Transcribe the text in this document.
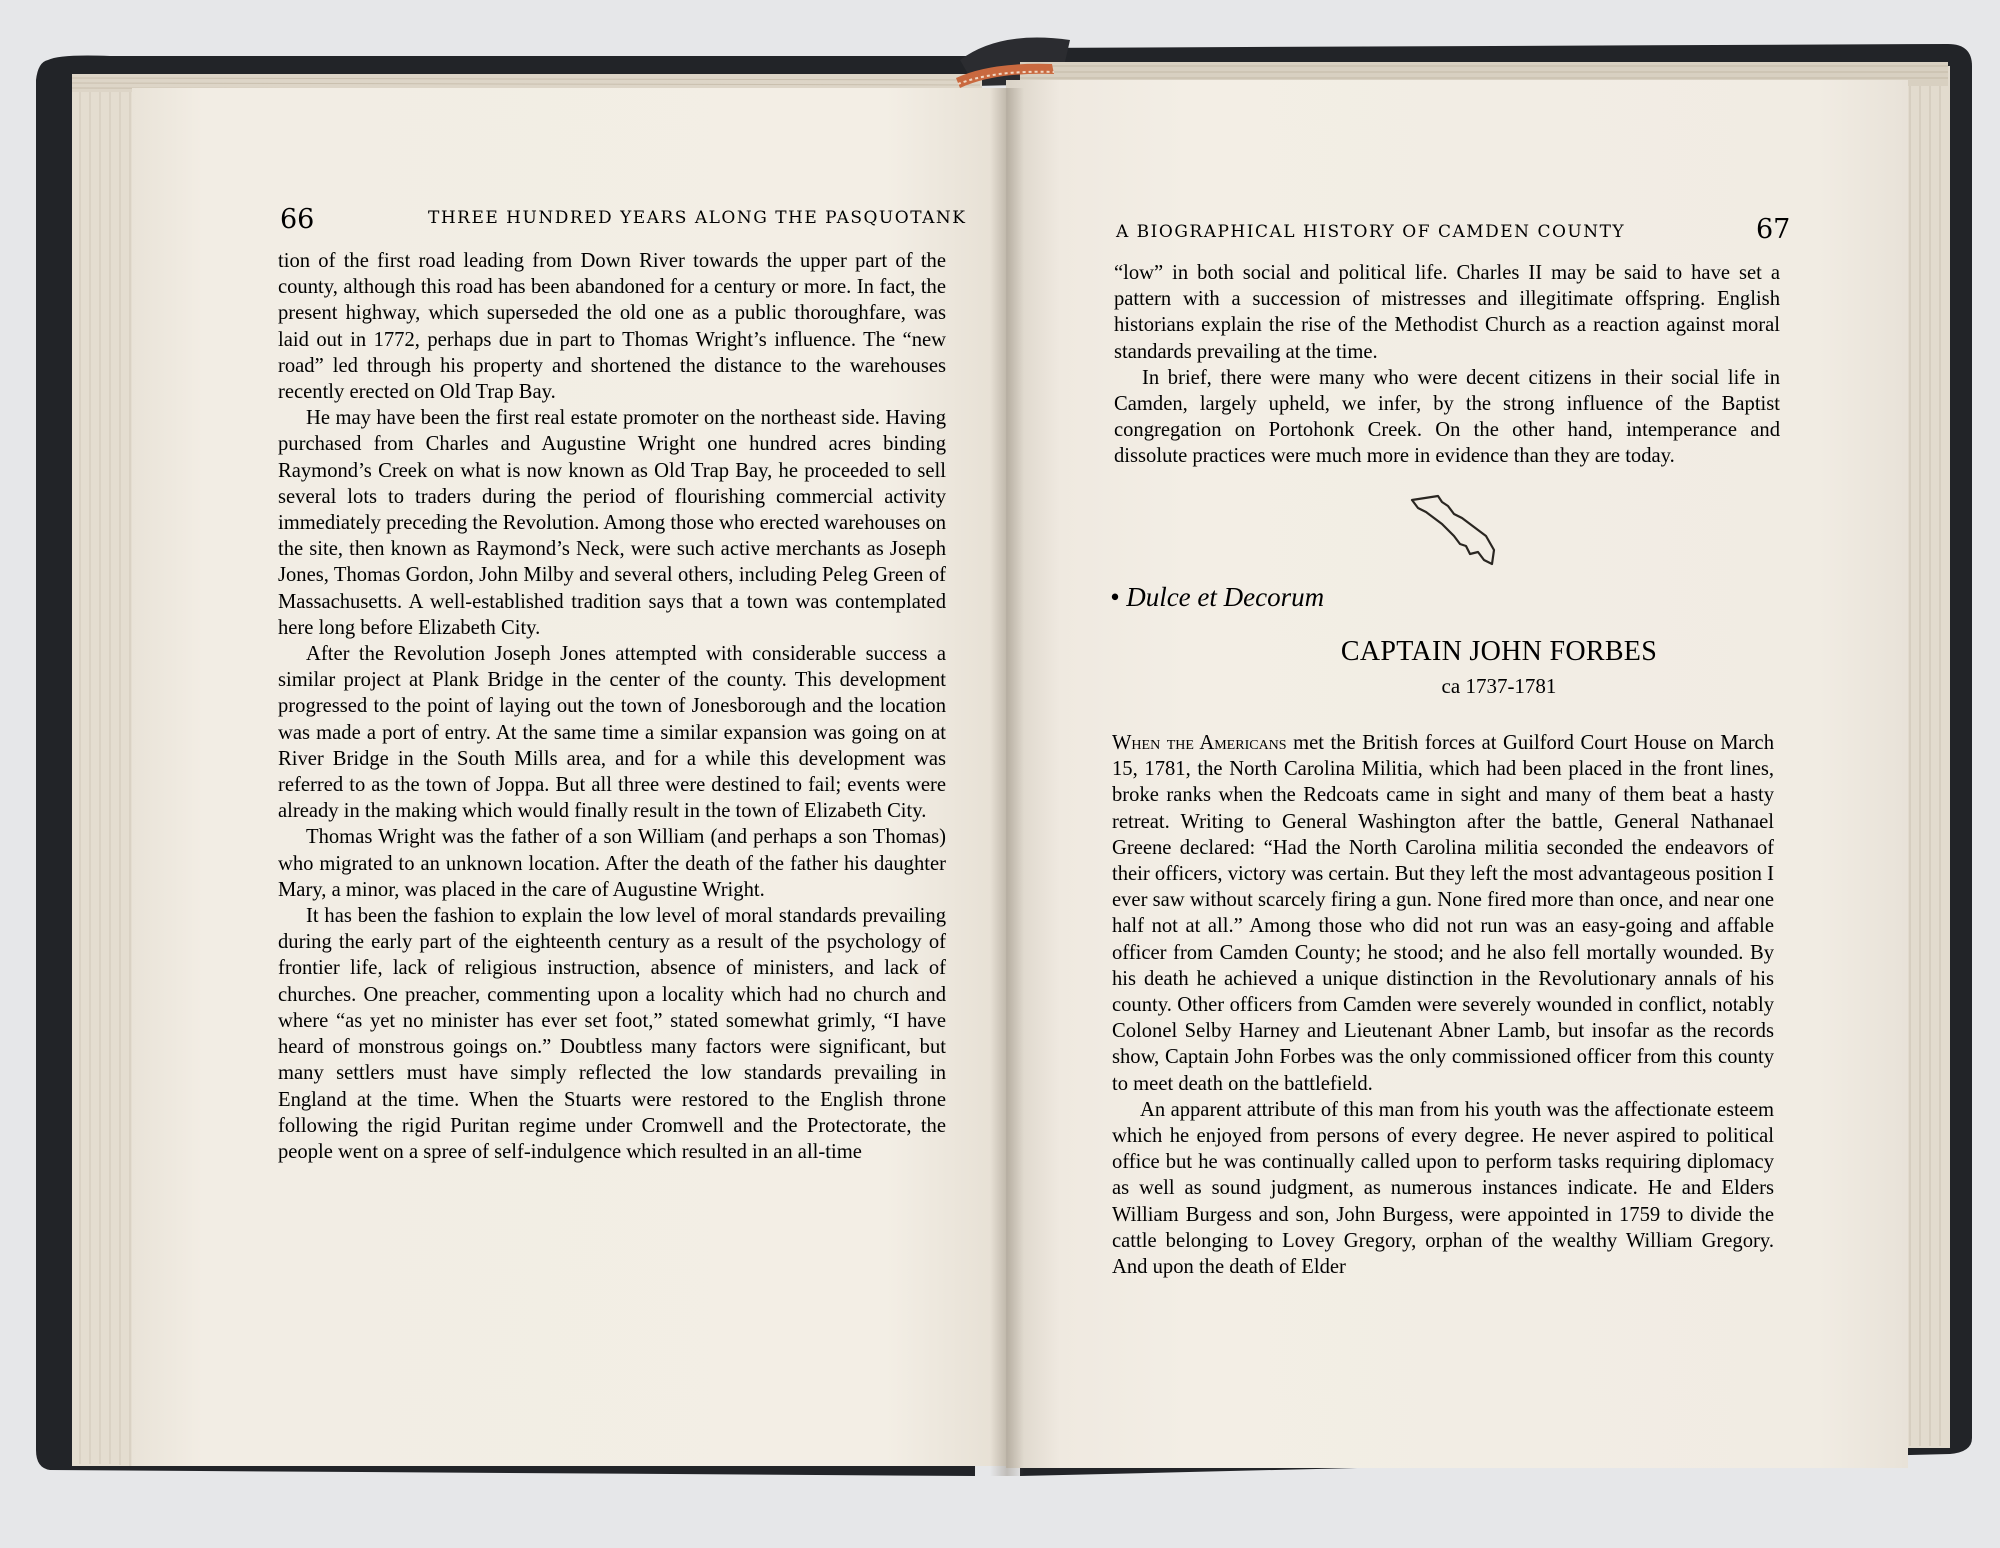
66	THREE HUNDRED YEARS ALONG THE PASQUOTANK

tion of the first road leading from Down River towards the upper part of the county, although this road has been abandoned for a century or more. In fact, the present highway, which superseded the old one as a public thoroughfare, was laid out in 1772, perhaps due in part to Thomas Wright’s influence. The “new road” led through his property and shortened the distance to the warehouses recently erected on Old Trap Bay.

He may have been the first real estate promoter on the northeast side. Having purchased from Charles and Augustine Wright one hundred acres binding Raymond’s Creek on what is now known as Old Trap Bay, he proceeded to sell several lots to traders during the period of flourishing commercial activity immediately preceding the Revolution. Among those who erected warehouses on the site, then known as Raymond’s Neck, were such active merchants as Joseph Jones, Thomas Gordon, John Milby and several others, including Peleg Green of Massachusetts. A well-established tradition says that a town was contemplated here long before Elizabeth City.

After the Revolution Joseph Jones attempted with considerable success a similar project at Plank Bridge in the center of the county. This development progressed to the point of laying out the town of Jonesborough and the location was made a port of entry. At the same time a similar expansion was going on at River Bridge in the South Mills area, and for a while this development was referred to as the town of Joppa. But all three were destined to fail; events were already in the making which would finally result in the town of Elizabeth City.

Thomas Wright was the father of a son William (and perhaps a son Thomas) who migrated to an unknown location. After the death of the father his daughter Mary, a minor, was placed in the care of Augustine Wright.

It has been the fashion to explain the low level of moral standards prevailing during the early part of the eighteenth century as a result of the psychology of frontier life, lack of religious instruction, absence of ministers, and lack of churches. One preacher, commenting upon a locality which had no church and where “as yet no minister has ever set foot,” stated somewhat grimly, “I have heard of monstrous goings on.” Doubtless many factors were significant, but many settlers must have simply reflected the low standards prevailing in England at the time. When the Stuarts were restored to the English throne following the rigid Puritan regime under Cromwell and the Protectorate, the people went on a spree of self-indulgence which resulted in an all-time

A BIOGRAPHICAL HISTORY OF CAMDEN COUNTY	67

“low” in both social and political life. Charles II may be said to have set a pattern with a succession of mistresses and illegitimate offspring. English historians explain the rise of the Methodist Church as a reaction against moral standards prevailing at the time.

In brief, there were many who were decent citizens in their social life in Camden, largely upheld, we infer, by the strong influence of the Baptist congregation on Portohonk Creek. On the other hand, intemperance and dissolute practices were much more in evidence than they are today.

• Dulce et Decorum
CAPTAIN JOHN FORBES
ca 1737-1781

When the Americans met the British forces at Guilford Court House on March 15, 1781, the North Carolina Militia, which had been placed in the front lines, broke ranks when the Redcoats came in sight and many of them beat a hasty retreat. Writing to General Washington after the battle, General Nathanael Greene declared: “Had the North Carolina militia seconded the endeavors of their officers, victory was certain. But they left the most advantageous position I ever saw without scarcely firing a gun. None fired more than once, and near one half not at all.” Among those who did not run was an easy-going and affable officer from Camden County; he stood; and he also fell mortally wounded. By his death he achieved a unique distinction in the Revolutionary annals of his county. Other officers from Camden were severely wounded in conflict, notably Colonel Selby Harney and Lieutenant Abner Lamb, but insofar as the records show, Captain John Forbes was the only commissioned officer from this county to meet death on the battlefield.

An apparent attribute of this man from his youth was the affectionate esteem which he enjoyed from persons of every degree. He never aspired to political office but he was continually called upon to perform tasks requiring diplomacy as well as sound judgment, as numerous instances indicate. He and Elders William Burgess and son, John Burgess, were appointed in 1759 to divide the cattle belonging to Lovey Gregory, orphan of the wealthy William Gregory. And upon the death of Elder
